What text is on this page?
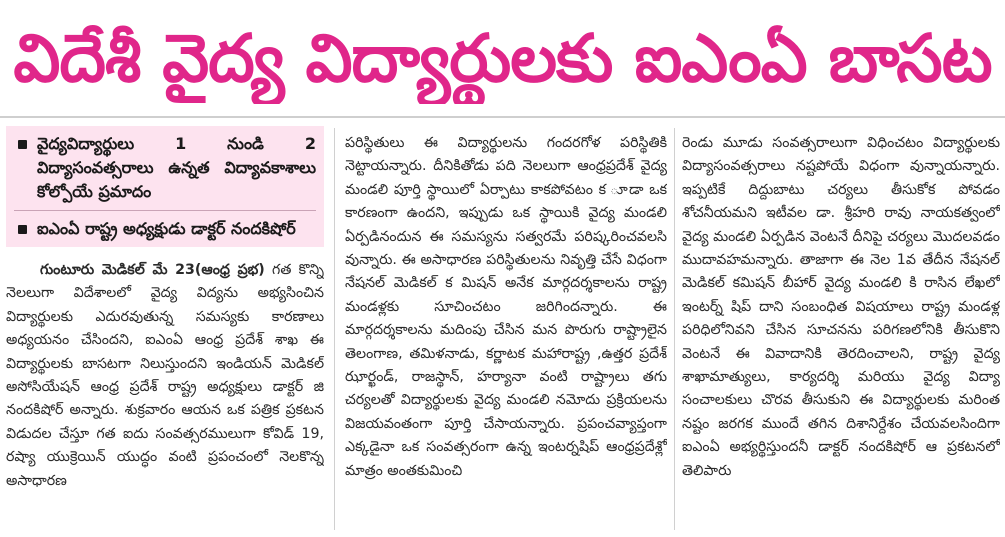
విదేశీ వైద్య విద్యార్థులకు ఐఎంఏ బాసట
వైద్యవిద్యార్థులు 1 నుండి 2 విద్యాసంవత్సరాలు ఉన్నత విద్యావకాశాలు కోల్పోయే ప్రమాదం
ఐఎంఏ రాష్ట్ర అధ్యక్షుడు డాక్టర్ నందకిషోర్

గుంటూరు మెడికల్ మే 23(ఆంధ్ర ప్రభ) గత కొన్ని నెలలుగా విదేశాలలో వైద్య విద్యను అభ్యసించిన విద్యార్థులకు ఎదురవుతున్న సమస్యకు కారణాలు అధ్యయనం చేసిందని, ఐఎంఏ ఆంధ్ర ప్రదేశ్ శాఖ ఈ విద్యార్థులకు బాసటగా నిలుస్తుందని ఇండియన్ మెడికల్ అసోసియేషన్ ఆంధ్ర ప్రదేశ్ రాష్ట్ర అధ్యక్షులు డాక్టర్ జి నందకిషోర్ అన్నారు. శుక్రవారం ఆయన ఒక పత్రిక ప్రకటన విడుదల చేస్తూ గత ఐదు సంవత్సరములుగా కోవిడ్ 19, రష్యా యుక్రెయిన్ యుద్ధం వంటి ప్రపంచంలో నెలకొన్న అసాధారణ

పరిస్థితులు ఈ విద్యార్థులను గందరగోళ పరిస్థితికి నెట్టాయన్నారు. దీనికితోడు పది నెలలుగా ఆంధ్రప్రదేశ్ వైద్య మండలి పూర్తి స్థాయిలో ఏర్పాటు కాకపోవటం క ూడా ఒక కారణంగా ఉందని, ఇప్పుడు ఒక స్థాయికి వైద్య మండలి ఏర్పడినందున ఈ సమస్యను సత్వరమే పరిష్కరించవలసి వున్నారు. ఈ అసాధారణ పరిస్థితులను నివృత్తి చేసే విధంగా నేషనల్ మెడికల్ క మిషన్ అనేక మార్గదర్శకాలను రాష్ట్ర మండళ్లకు సూచించటం జరిగిందన్నారు. ఈ మార్గదర్శకాలను మదింపు చేసిన మన పొరుగు రాష్ట్రాలైన తెలంగాణ, తమిళనాడు, కర్ణాటక మహారాష్ట్ర ,ఉత్తర ప్రదేశ్ ఝార్ఖండ్, రాజస్థాన్, హర్యానా వంటి రాష్ట్రాలు తగు చర్యలతో విద్యార్థులకు వైద్య మండలి నమోదు ప్రక్రియలను విజయవంతంగా పూర్తి చేసాయన్నారు. ప్రపంచవ్యాప్తంగా ఎక్కడైనా ఒక సంవత్సరంగా ఉన్న ఇంటర్నషిప్ ఆంధ్రప్రదేశ్లో మాత్రం అంతకుమించి

రెండు మూడు సంవత్సరాలుగా విధించటం విద్యార్థులకు విద్యాసంవత్సరాలు నష్టపోయే విధంగా వున్నాయన్నారు. ఇప్పటికే దిద్దుబాటు చర్యలు తీసుకోక పోవడం శోచనీయమని ఇటీవల డా. శ్రీహరి రావు నాయకత్వంలో వైద్య మండలి ఏర్పడిన వెంటనే దీనిపై చర్యలు మొదలవడం ముదావహమన్నారు. తాజాగా ఈ నెల 1వ తేదీన నేషనల్ మెడికల్ కమిషన్ బీహార్ వైద్య మండలి కి రాసిన లేఖలో ఇంటర్న్ షిప్ దాని సంబంధిత విషయాలు రాష్ట్ర మండళ్ల పరిధిలోనివని చేసిన సూచనను పరిగణలోనికి తీసుకొని వెంటనే ఈ వివాదానికి తెరదించాలని, రాష్ట్ర వైద్య శాఖామాత్యులు, కార్యదర్శి మరియు వైద్య విద్యా సంచాలకులు చొరవ తీసుకుని ఈ విద్యార్థులకు మరింత నష్టం జరగక ముందే తగిన దిశానిర్దేశం చేయవలసిందిగా ఐఎంఏ అభ్యర్థిస్తుందనీ డాక్టర్ నందకిషోర్ ఆ ప్రకటనలో తెలిపారు
